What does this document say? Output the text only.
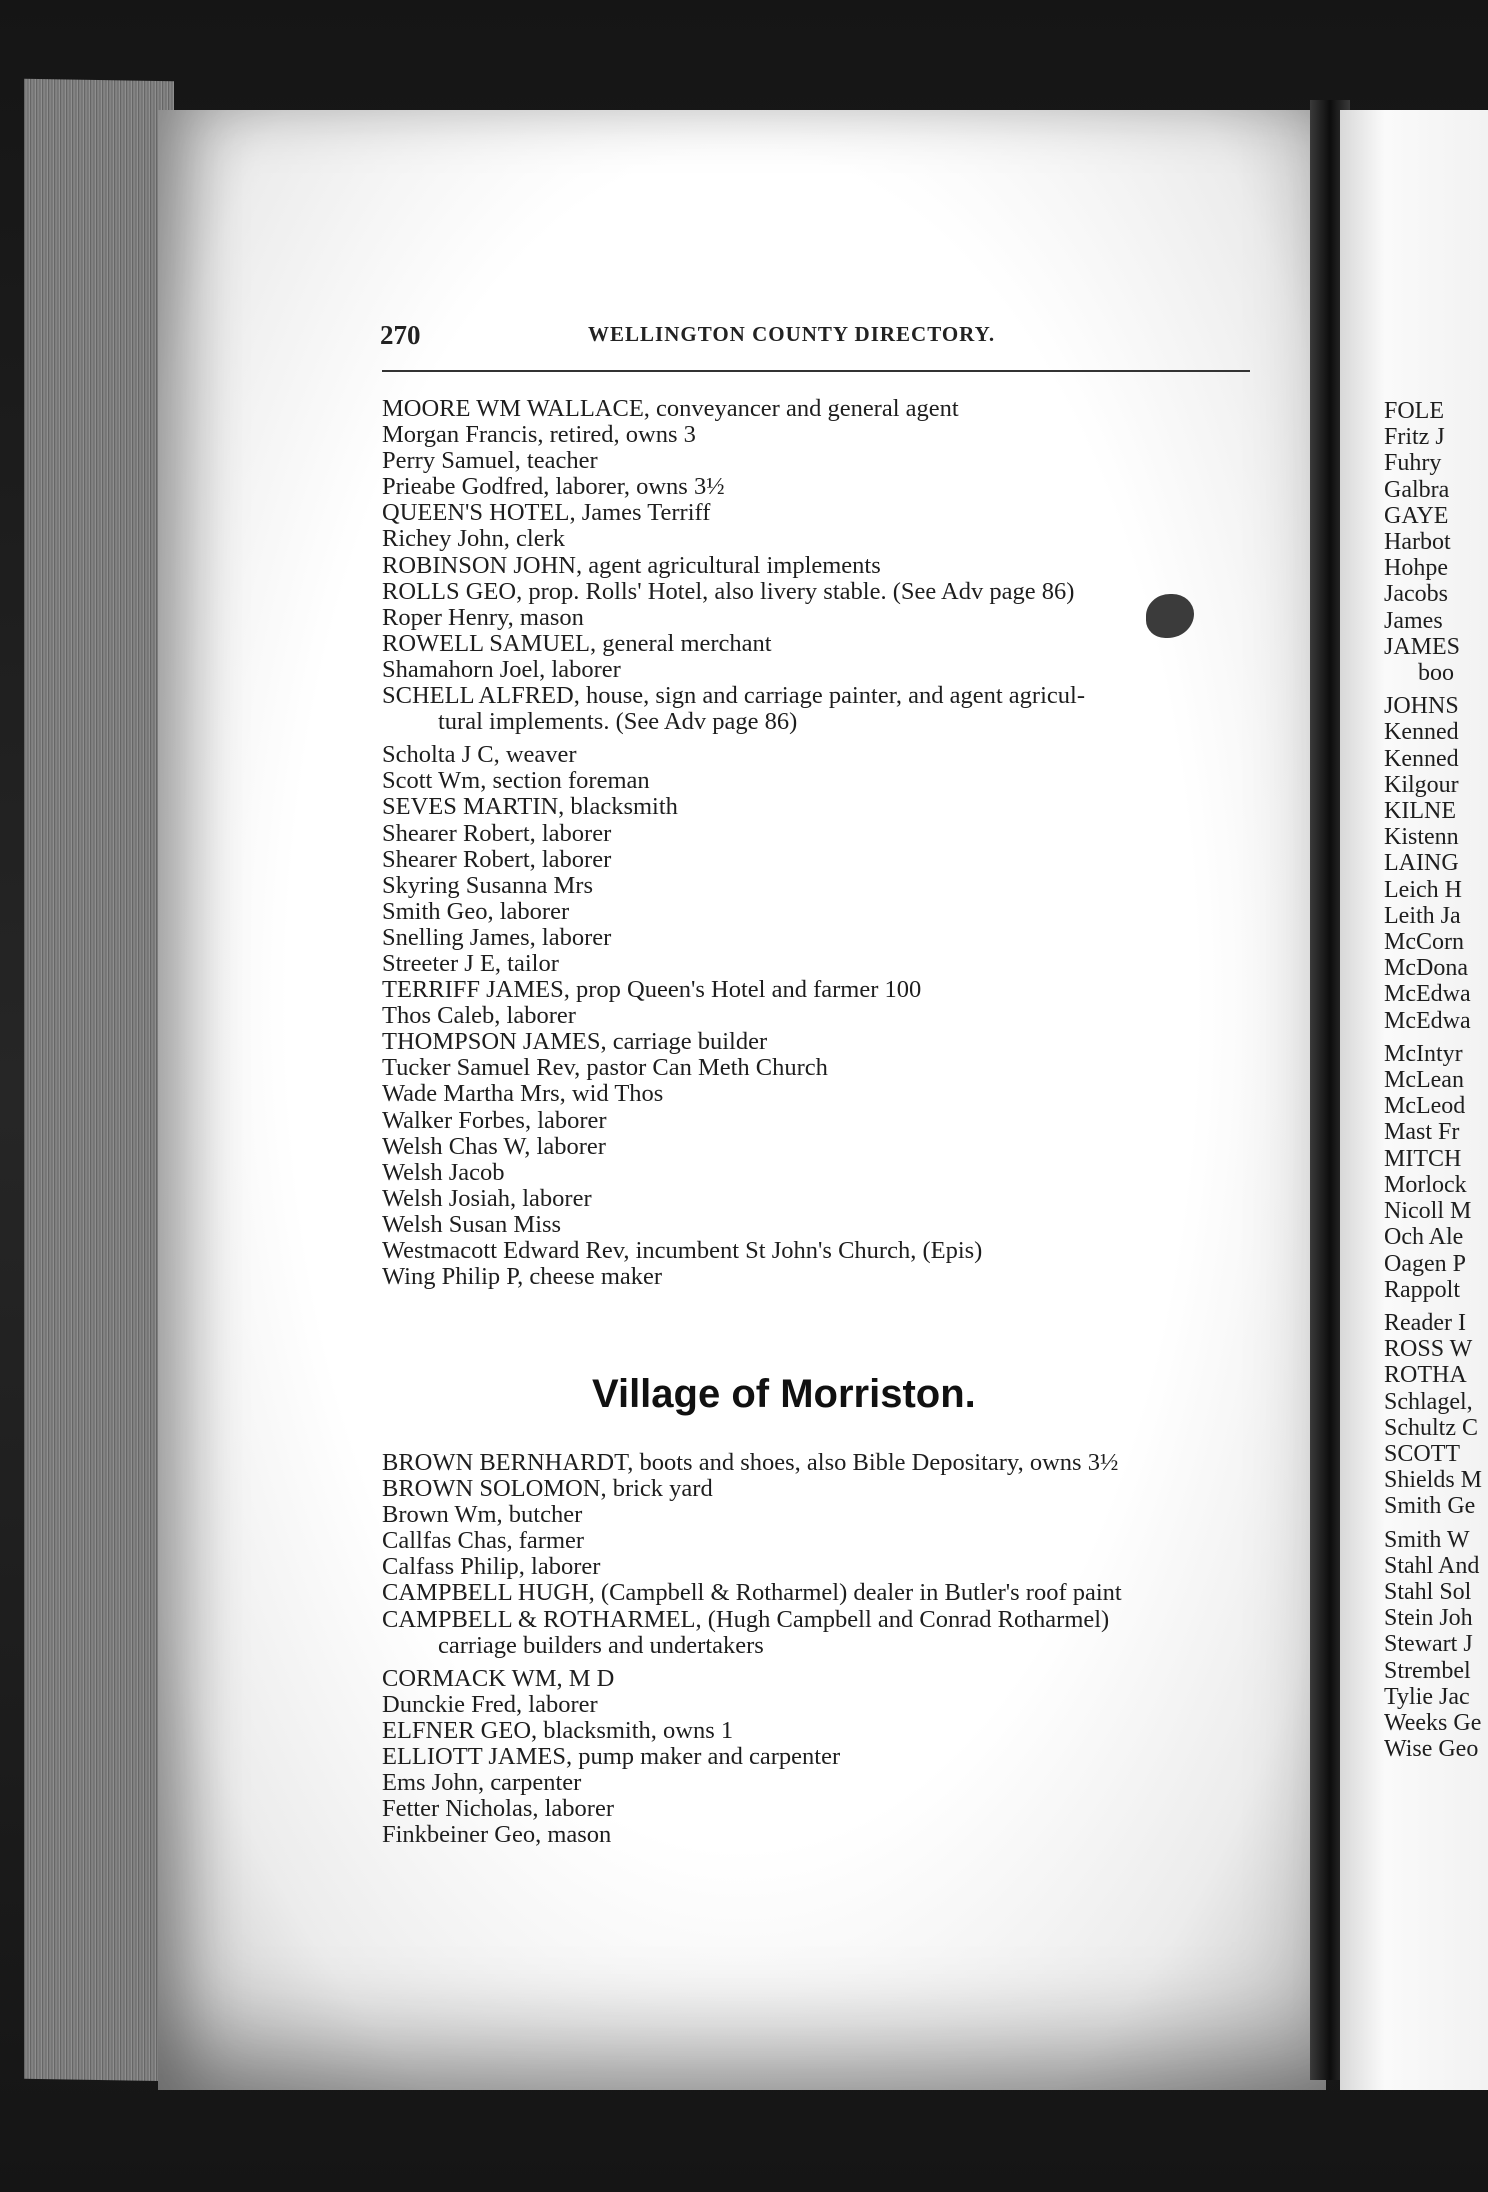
270	WELLINGTON COUNTY DIRECTORY.
MOORE WM WALLACE, conveyancer and general agent
Morgan Francis, retired, owns 3
Perry Samuel, teacher
Prieabe Godfred, laborer, owns 3½
QUEEN'S HOTEL, James Terriff
Richey John, clerk
ROBINSON JOHN, agent agricultural implements
ROLLS GEO, prop. Rolls' Hotel, also livery stable. (See Adv page 86)
Roper Henry, mason
ROWELL SAMUEL, general merchant
Shamahorn Joel, laborer
SCHELL ALFRED, house, sign and carriage painter, and agent agricul-
tural implements. (See Adv page 86)
Scholta J C, weaver
Scott Wm, section foreman
SEVES MARTIN, blacksmith
Shearer Robert, laborer
Shearer Robert, laborer
Skyring Susanna Mrs
Smith Geo, laborer
Snelling James, laborer
Streeter J E, tailor
TERRIFF JAMES, prop Queen's Hotel and farmer 100
Thos Caleb, laborer
THOMPSON JAMES, carriage builder
Tucker Samuel Rev, pastor Can Meth Church
Wade Martha Mrs, wid Thos
Walker Forbes, laborer
Welsh Chas W, laborer
Welsh Jacob
Welsh Josiah, laborer
Welsh Susan Miss
Westmacott Edward Rev, incumbent St John's Church, (Epis)
Wing Philip P, cheese maker
Village of Morriston.
BROWN BERNHARDT, boots and shoes, also Bible Depositary, owns 3½
BROWN SOLOMON, brick yard
Brown Wm, butcher
Callfas Chas, farmer
Calfass Philip, laborer
CAMPBELL HUGH, (Campbell & Rotharmel) dealer in Butler's roof paint
CAMPBELL & ROTHARMEL, (Hugh Campbell and Conrad Rotharmel)
carriage builders and undertakers
CORMACK WM, M D
Dunckie Fred, laborer
ELFNER GEO, blacksmith, owns 1
ELLIOTT JAMES, pump maker and carpenter
Ems John, carpenter
Fetter Nicholas, laborer
Finkbeiner Geo, mason
FOLE
Fritz J
Fuhry
Galbra
GAYE
Harbot
Hohpe
Jacobs
James
JAMES
boo
JOHNS
Kenned
Kenned
Kilgour
KILNE
Kistenn
LAING
Leich H
Leith Ja
McCorn
McDona
McEdwa
McEdwa
McIntyr
McLean
McLeod
Mast Fr
MITCH
Morlock
Nicoll M
Och Ale
Oagen P
Rappolt
Reader I
ROSS W
ROTHA
Schlagel,
Schultz C
SCOTT
Shields M
Smith Ge
Smith W
Stahl And
Stahl Sol
Stein Joh
Stewart J
Strembel
Tylie Jac
Weeks Ge
Wise Geo
